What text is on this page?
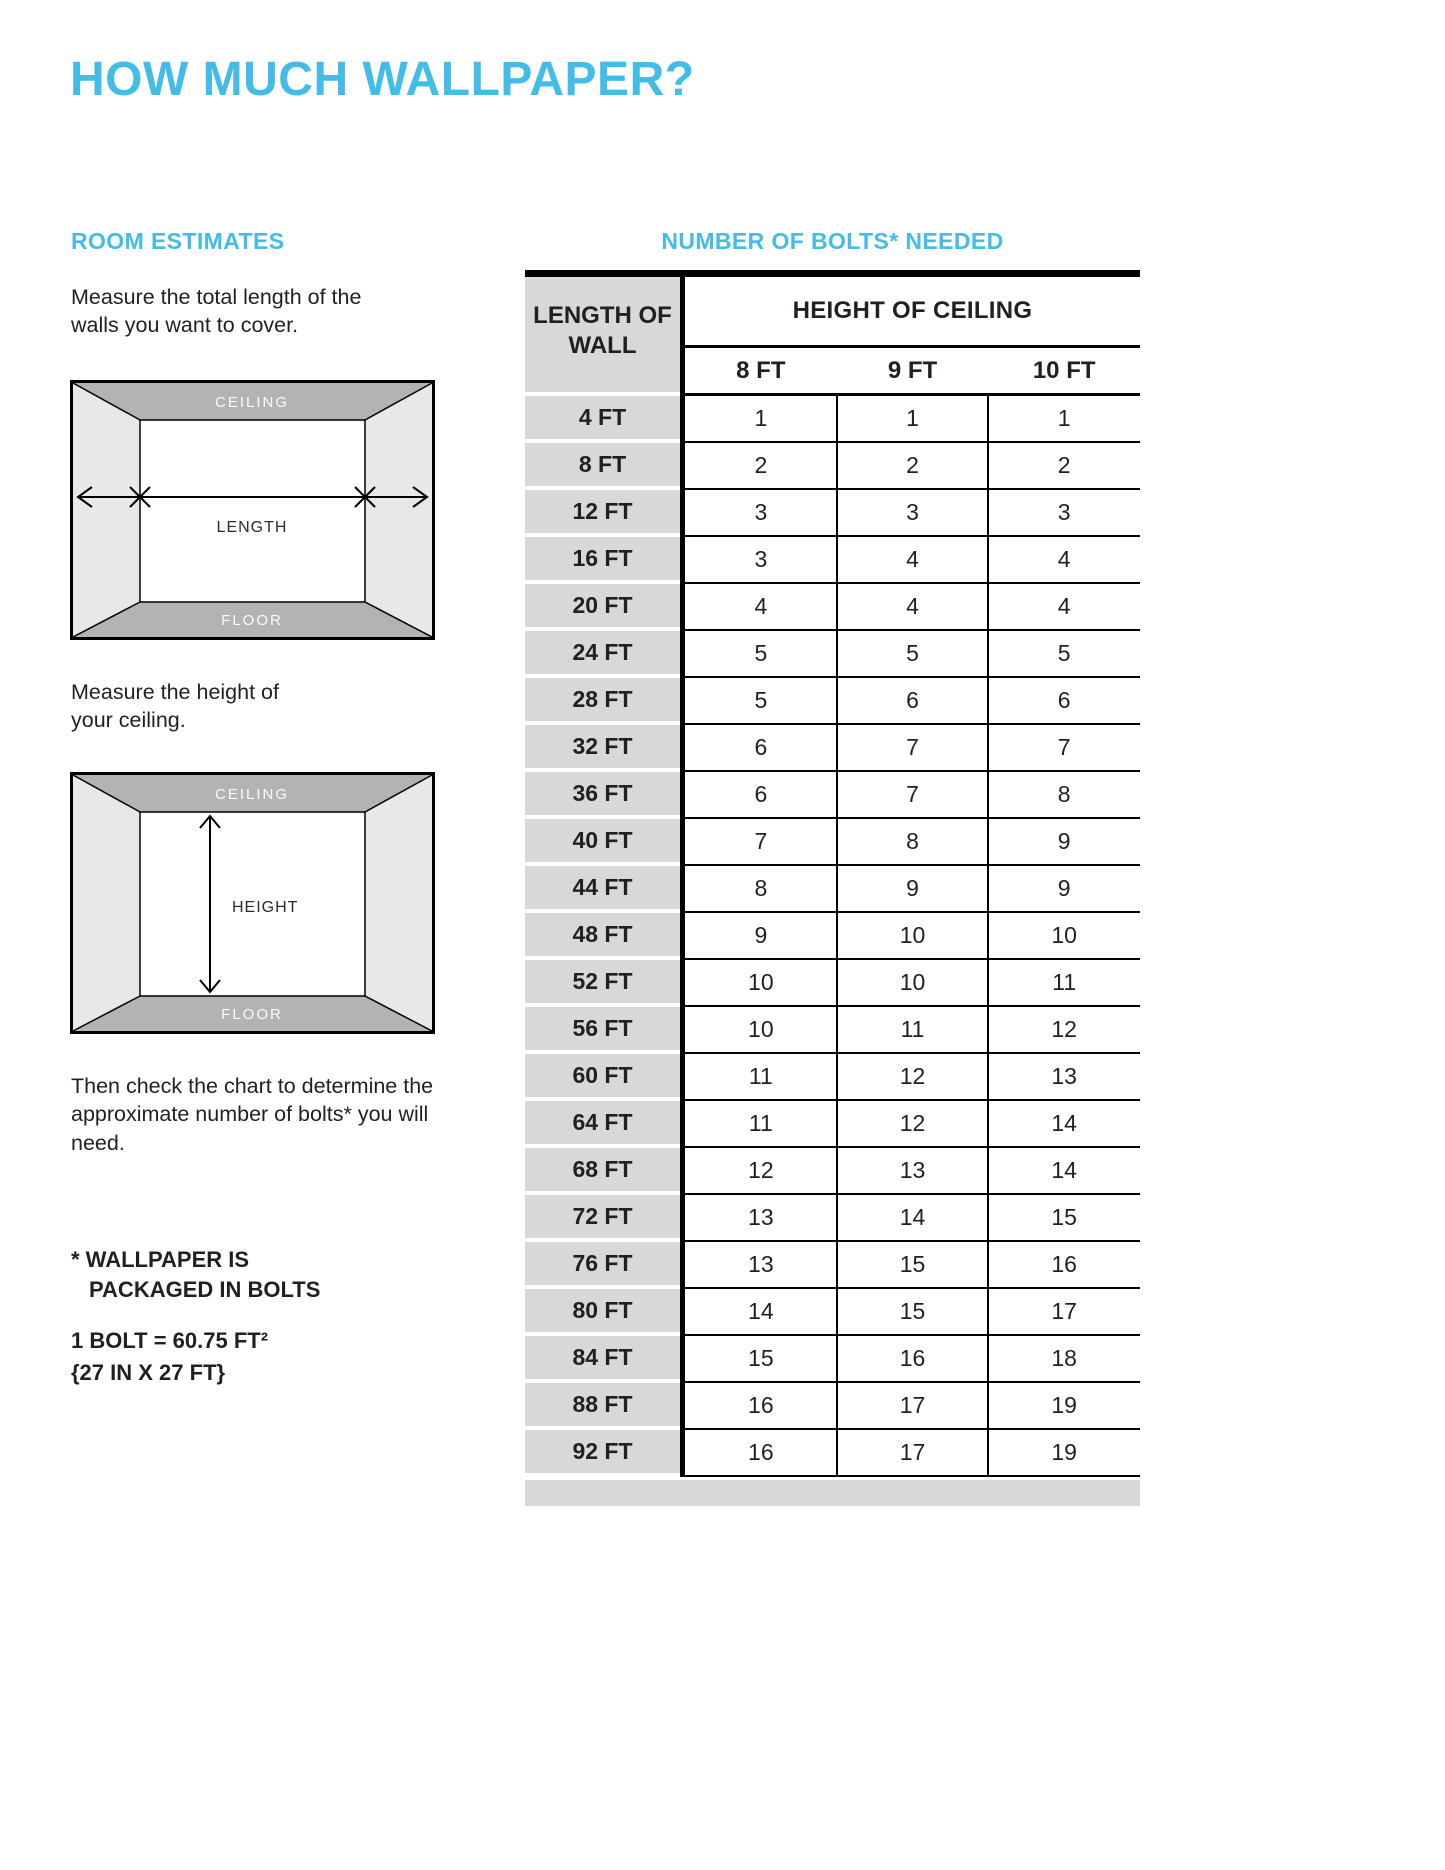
HOW MUCH WALLPAPER?
ROOM ESTIMATES

Measure the total length of the walls you want to cover.

CEILING
LENGTH
FLOOR

Measure the height of your ceiling.

CEILING
HEIGHT
FLOOR

Then check the chart to determine the approximate number of bolts* you will need.

* WALLPAPER IS
PACKAGED IN BOLTS
1 BOLT = 60.75 FT²
{27 IN X 27 FT}
NUMBER OF BOLTS* NEEDED
LENGTH OF WALL
HEIGHT OF CEILING
8 FT	9 FT	10 FT
4 FT	1	1	1
8 FT	2	2	2
12 FT	3	3	3
16 FT	3	4	4
20 FT	4	4	4
24 FT	5	5	5
28 FT	5	6	6
32 FT	6	7	7
36 FT	6	7	8
40 FT	7	8	9
44 FT	8	9	9
48 FT	9	10	10
52 FT	10	10	11
56 FT	10	11	12
60 FT	11	12	13
64 FT	11	12	14
68 FT	12	13	14
72 FT	13	14	15
76 FT	13	15	16
80 FT	14	15	17
84 FT	15	16	18
88 FT	16	17	19
92 FT	16	17	19
